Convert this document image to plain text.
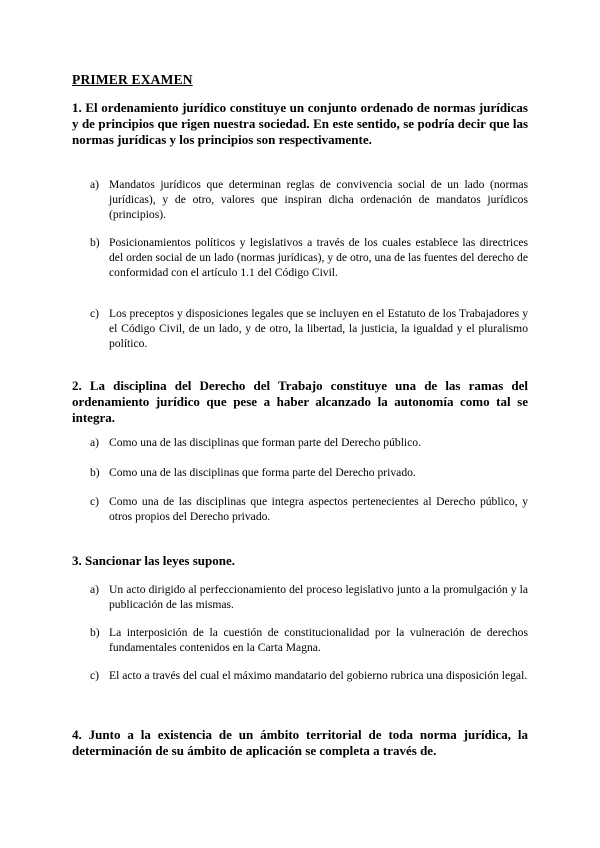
PRIMER EXAMEN

1. El ordenamiento jurídico constituye un conjunto ordenado de normas jurídicas y de principios que rigen nuestra sociedad. En este sentido, se podría decir que las normas jurídicas y los principios son respectivamente.

a) Mandatos jurídicos que determinan reglas de convivencia social de un lado (normas jurídicas), y de otro, valores que inspiran dicha ordenación de mandatos jurídicos (principios).
b) Posicionamientos políticos y legislativos a través de los cuales establece las directrices del orden social de un lado (normas jurídicas), y de otro, una de las fuentes del derecho de conformidad con el artículo 1.1 del Código Civil.
c) Los preceptos y disposiciones legales que se incluyen en el Estatuto de los Trabajadores y el Código Civil, de un lado, y de otro, la libertad, la justicia, la igualdad y el pluralismo político.

2. La disciplina del Derecho del Trabajo constituye una de las ramas del ordenamiento jurídico que pese a haber alcanzado la autonomía como tal se integra.

a) Como una de las disciplinas que forman parte del Derecho público.
b) Como una de las disciplinas que forma parte del Derecho privado.
c) Como una de las disciplinas que integra aspectos pertenecientes al Derecho público, y otros propios del Derecho privado.

3. Sancionar las leyes supone.

a) Un acto dirigido al perfeccionamiento del proceso legislativo junto a la promulgación y la publicación de las mismas.
b) La interposición de la cuestión de constitucionalidad por la vulneración de derechos fundamentales contenidos en la Carta Magna.
c) El acto a través del cual el máximo mandatario del gobierno rubrica una disposición legal.

4. Junto a la existencia de un ámbito territorial de toda norma jurídica, la determinación de su ámbito de aplicación se completa a través de.
